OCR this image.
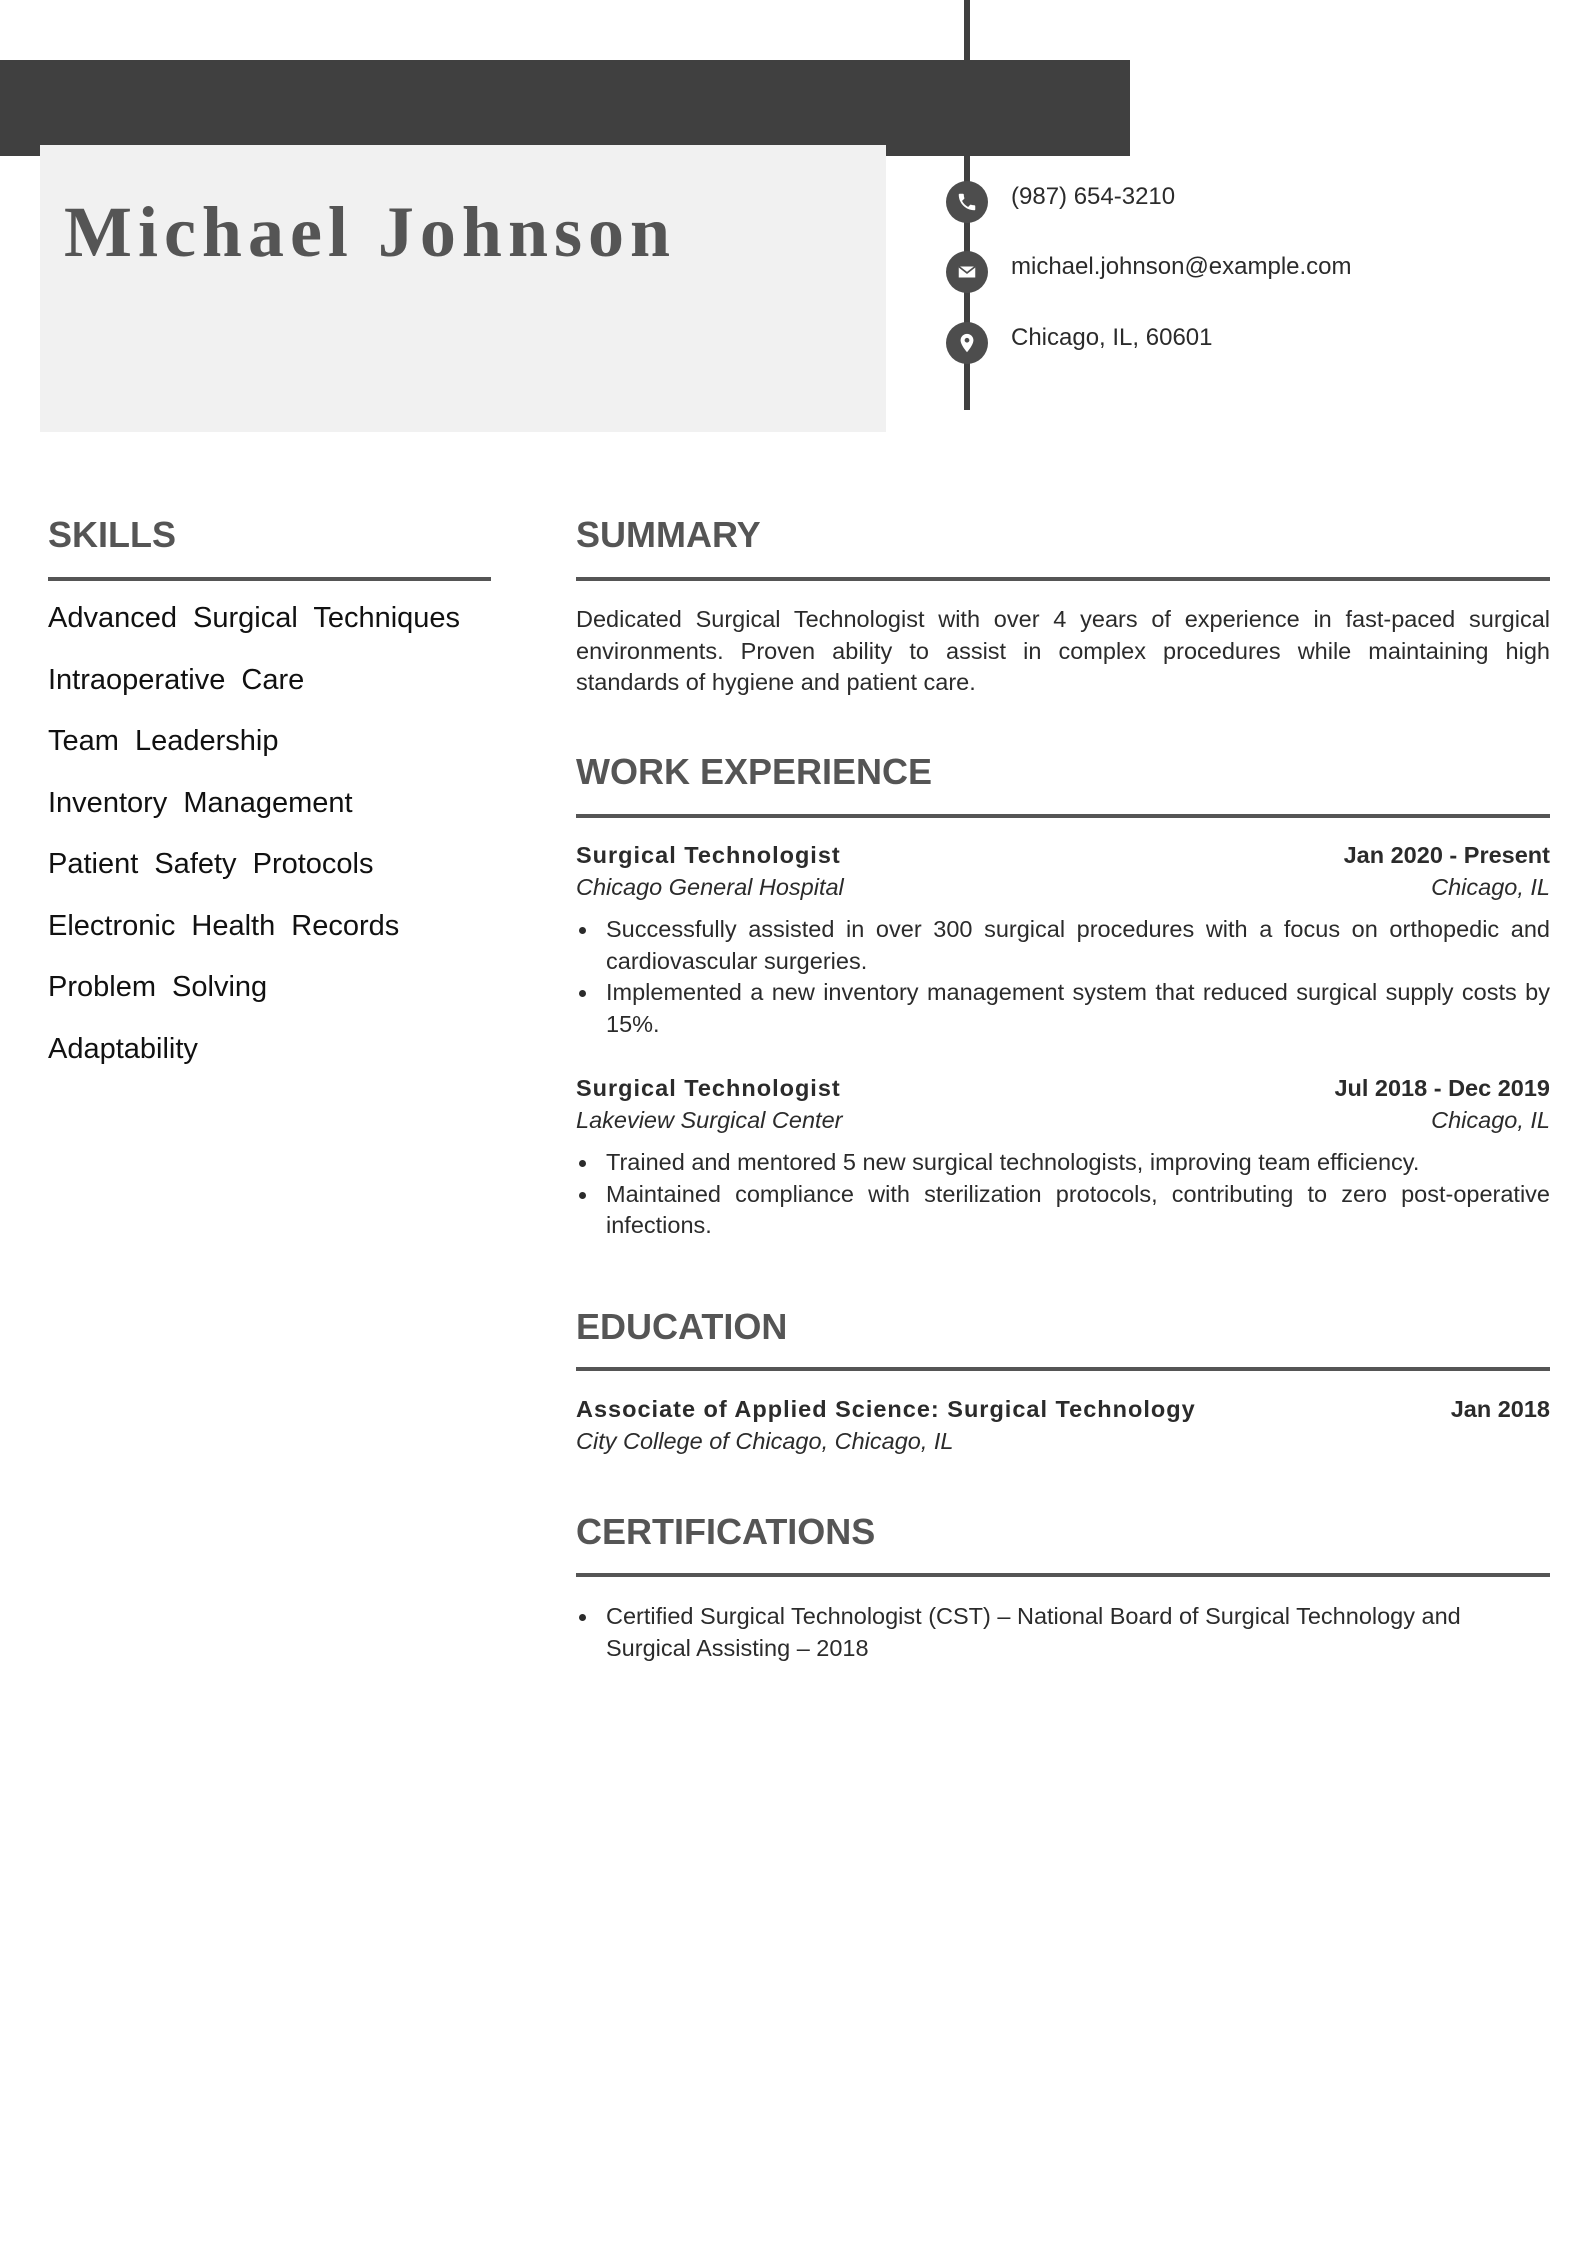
Michael Johnson	(987) 654-3210
michael.johnson@example.com
Chicago, IL, 60601
SKILLS
Advanced Surgical Techniques
Intraoperative Care
Team Leadership
Inventory Management
Patient Safety Protocols
Electronic Health Records
Problem Solving
Adaptability
SUMMARY

Dedicated Surgical Technologist with over 4 years of experience in fast-paced surgical environments. Proven ability to assist in complex procedures while maintaining high standards of hygiene and patient care.

WORK EXPERIENCE
Surgical Technologist	Jan 2020 - Present
Chicago General Hospital	Chicago, IL
Successfully assisted in over 300 surgical procedures with a focus on orthopedic and cardiovascular surgeries.
Implemented a new inventory management system that reduced surgical supply costs by 15%.
Surgical Technologist	Jul 2018 - Dec 2019
Lakeview Surgical Center	Chicago, IL
Trained and mentored 5 new surgical technologists, improving team efficiency.
Maintained compliance with sterilization protocols, contributing to zero post-operative infections.
EDUCATION
Associate of Applied Science: Surgical Technology	Jan 2018
City College of Chicago, Chicago, IL
CERTIFICATIONS
Certified Surgical Technologist (CST) – National Board of Surgical Technology and Surgical Assisting – 2018
